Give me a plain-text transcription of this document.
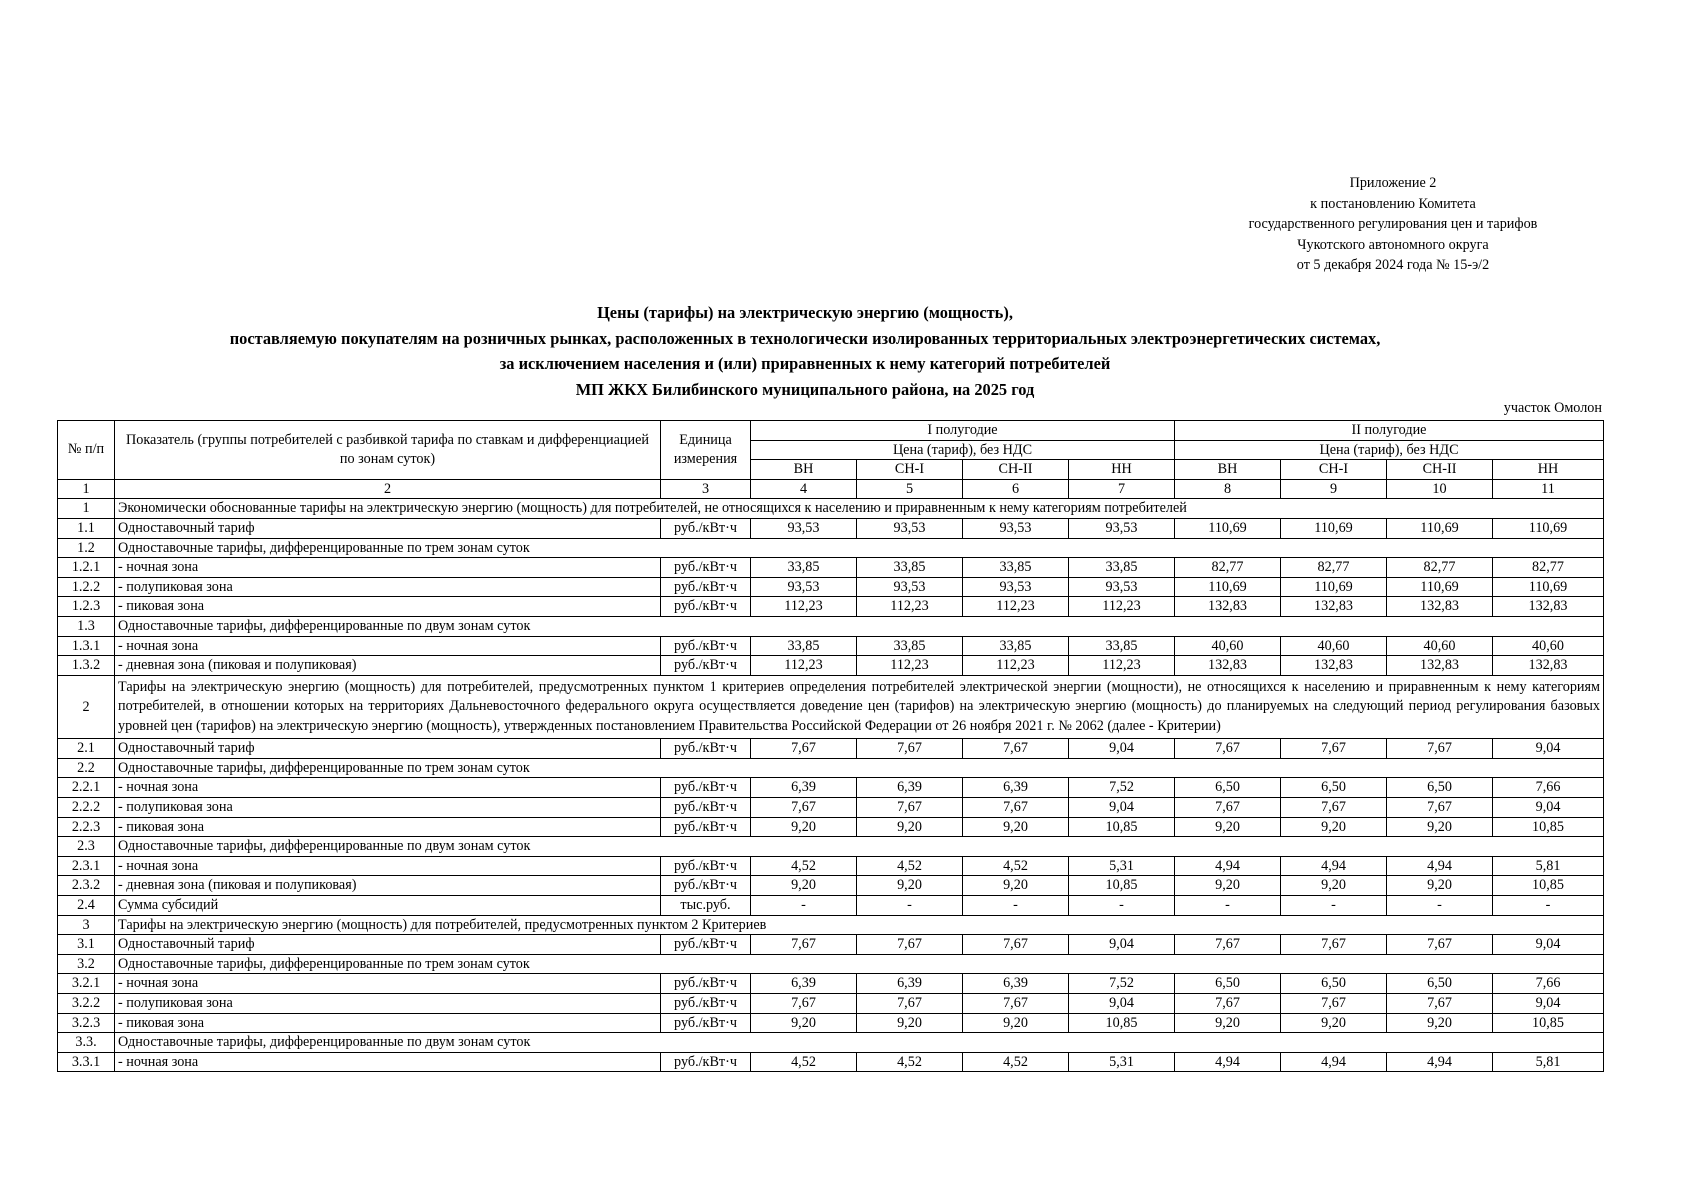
Приложение 2
к постановлению Комитета
государственного регулирования цен и тарифов
Чукотского автономного округа
от 5 декабря 2024 года № 15-э/2
Цены (тарифы) на электрическую энергию (мощность),
поставляемую покупателям на розничных рынках, расположенных в технологически изолированных территориальных электроэнергетических системах,
за исключением населения и (или) приравненных к нему категорий потребителей
МП ЖКХ Билибинского муниципального района, на 2025 год
участок Омолон
№ п/п	Показатель (группы потребителей с разбивкой тарифа по ставкам и дифференциацией по зонам суток)	Единица измерения	I полугодие				II полугодие			
			Цена (тариф), без НДС				Цена (тариф), без НДС			
			ВН	СН-I	СН-II	НН	ВН	СН-I	СН-II	НН
1	2	3	4	5	6	7	8	9	10	11
1	Экономически обоснованные тарифы на электрическую энергию (мощность) для потребителей, не относящихся к населению и приравненным к нему категориям потребителей									
1.1	Одноставочный тариф	руб./кВт·ч	93,53	93,53	93,53	93,53	110,69	110,69	110,69	110,69
1.2	Одноставочные тарифы, дифференцированные по трем зонам суток									
1.2.1	- ночная зона	руб./кВт·ч	33,85	33,85	33,85	33,85	82,77	82,77	82,77	82,77
1.2.2	- полупиковая зона	руб./кВт·ч	93,53	93,53	93,53	93,53	110,69	110,69	110,69	110,69
1.2.3	- пиковая зона	руб./кВт·ч	112,23	112,23	112,23	112,23	132,83	132,83	132,83	132,83
1.3	Одноставочные тарифы, дифференцированные по двум зонам суток									
1.3.1	- ночная зона	руб./кВт·ч	33,85	33,85	33,85	33,85	40,60	40,60	40,60	40,60
1.3.2	- дневная зона (пиковая и полупиковая)	руб./кВт·ч	112,23	112,23	112,23	112,23	132,83	132,83	132,83	132,83
2	Тарифы на электрическую энергию (мощность) для потребителей, предусмотренных пунктом 1 критериев определения потребителей электрической энергии (мощности), не относящихся к населению и приравненным к нему категориям потребителей, в отношении которых на территориях Дальневосточного федерального округа осуществляется доведение цен (тарифов) на электрическую энергию (мощность) до планируемых на следующий период регулирования базовых уровней цен (тарифов) на электрическую энергию (мощность), утвержденных постановлением Правительства Российской Федерации от 26 ноября 2021 г. № 2062 (далее - Критерии)									
2.1	Одноставочный тариф	руб./кВт·ч	7,67	7,67	7,67	9,04	7,67	7,67	7,67	9,04
2.2	Одноставочные тарифы, дифференцированные по трем зонам суток									
2.2.1	- ночная зона	руб./кВт·ч	6,39	6,39	6,39	7,52	6,50	6,50	6,50	7,66
2.2.2	- полупиковая зона	руб./кВт·ч	7,67	7,67	7,67	9,04	7,67	7,67	7,67	9,04
2.2.3	- пиковая зона	руб./кВт·ч	9,20	9,20	9,20	10,85	9,20	9,20	9,20	10,85
2.3	Одноставочные тарифы, дифференцированные по двум зонам суток									
2.3.1	- ночная зона	руб./кВт·ч	4,52	4,52	4,52	5,31	4,94	4,94	4,94	5,81
2.3.2	- дневная зона (пиковая и полупиковая)	руб./кВт·ч	9,20	9,20	9,20	10,85	9,20	9,20	9,20	10,85
2.4	Сумма субсидий	тыс.руб.	-	-	-	-	-	-	-	-
3	Тарифы на электрическую энергию (мощность) для потребителей, предусмотренных пунктом 2 Критериев									
3.1	Одноставочный тариф	руб./кВт·ч	7,67	7,67	7,67	9,04	7,67	7,67	7,67	9,04
3.2	Одноставочные тарифы, дифференцированные по трем зонам суток									
3.2.1	- ночная зона	руб./кВт·ч	6,39	6,39	6,39	7,52	6,50	6,50	6,50	7,66
3.2.2	- полупиковая зона	руб./кВт·ч	7,67	7,67	7,67	9,04	7,67	7,67	7,67	9,04
3.2.3	- пиковая зона	руб./кВт·ч	9,20	9,20	9,20	10,85	9,20	9,20	9,20	10,85
3.3.	Одноставочные тарифы, дифференцированные по двум зонам суток									
3.3.1	- ночная зона	руб./кВт·ч	4,52	4,52	4,52	5,31	4,94	4,94	4,94	5,81
